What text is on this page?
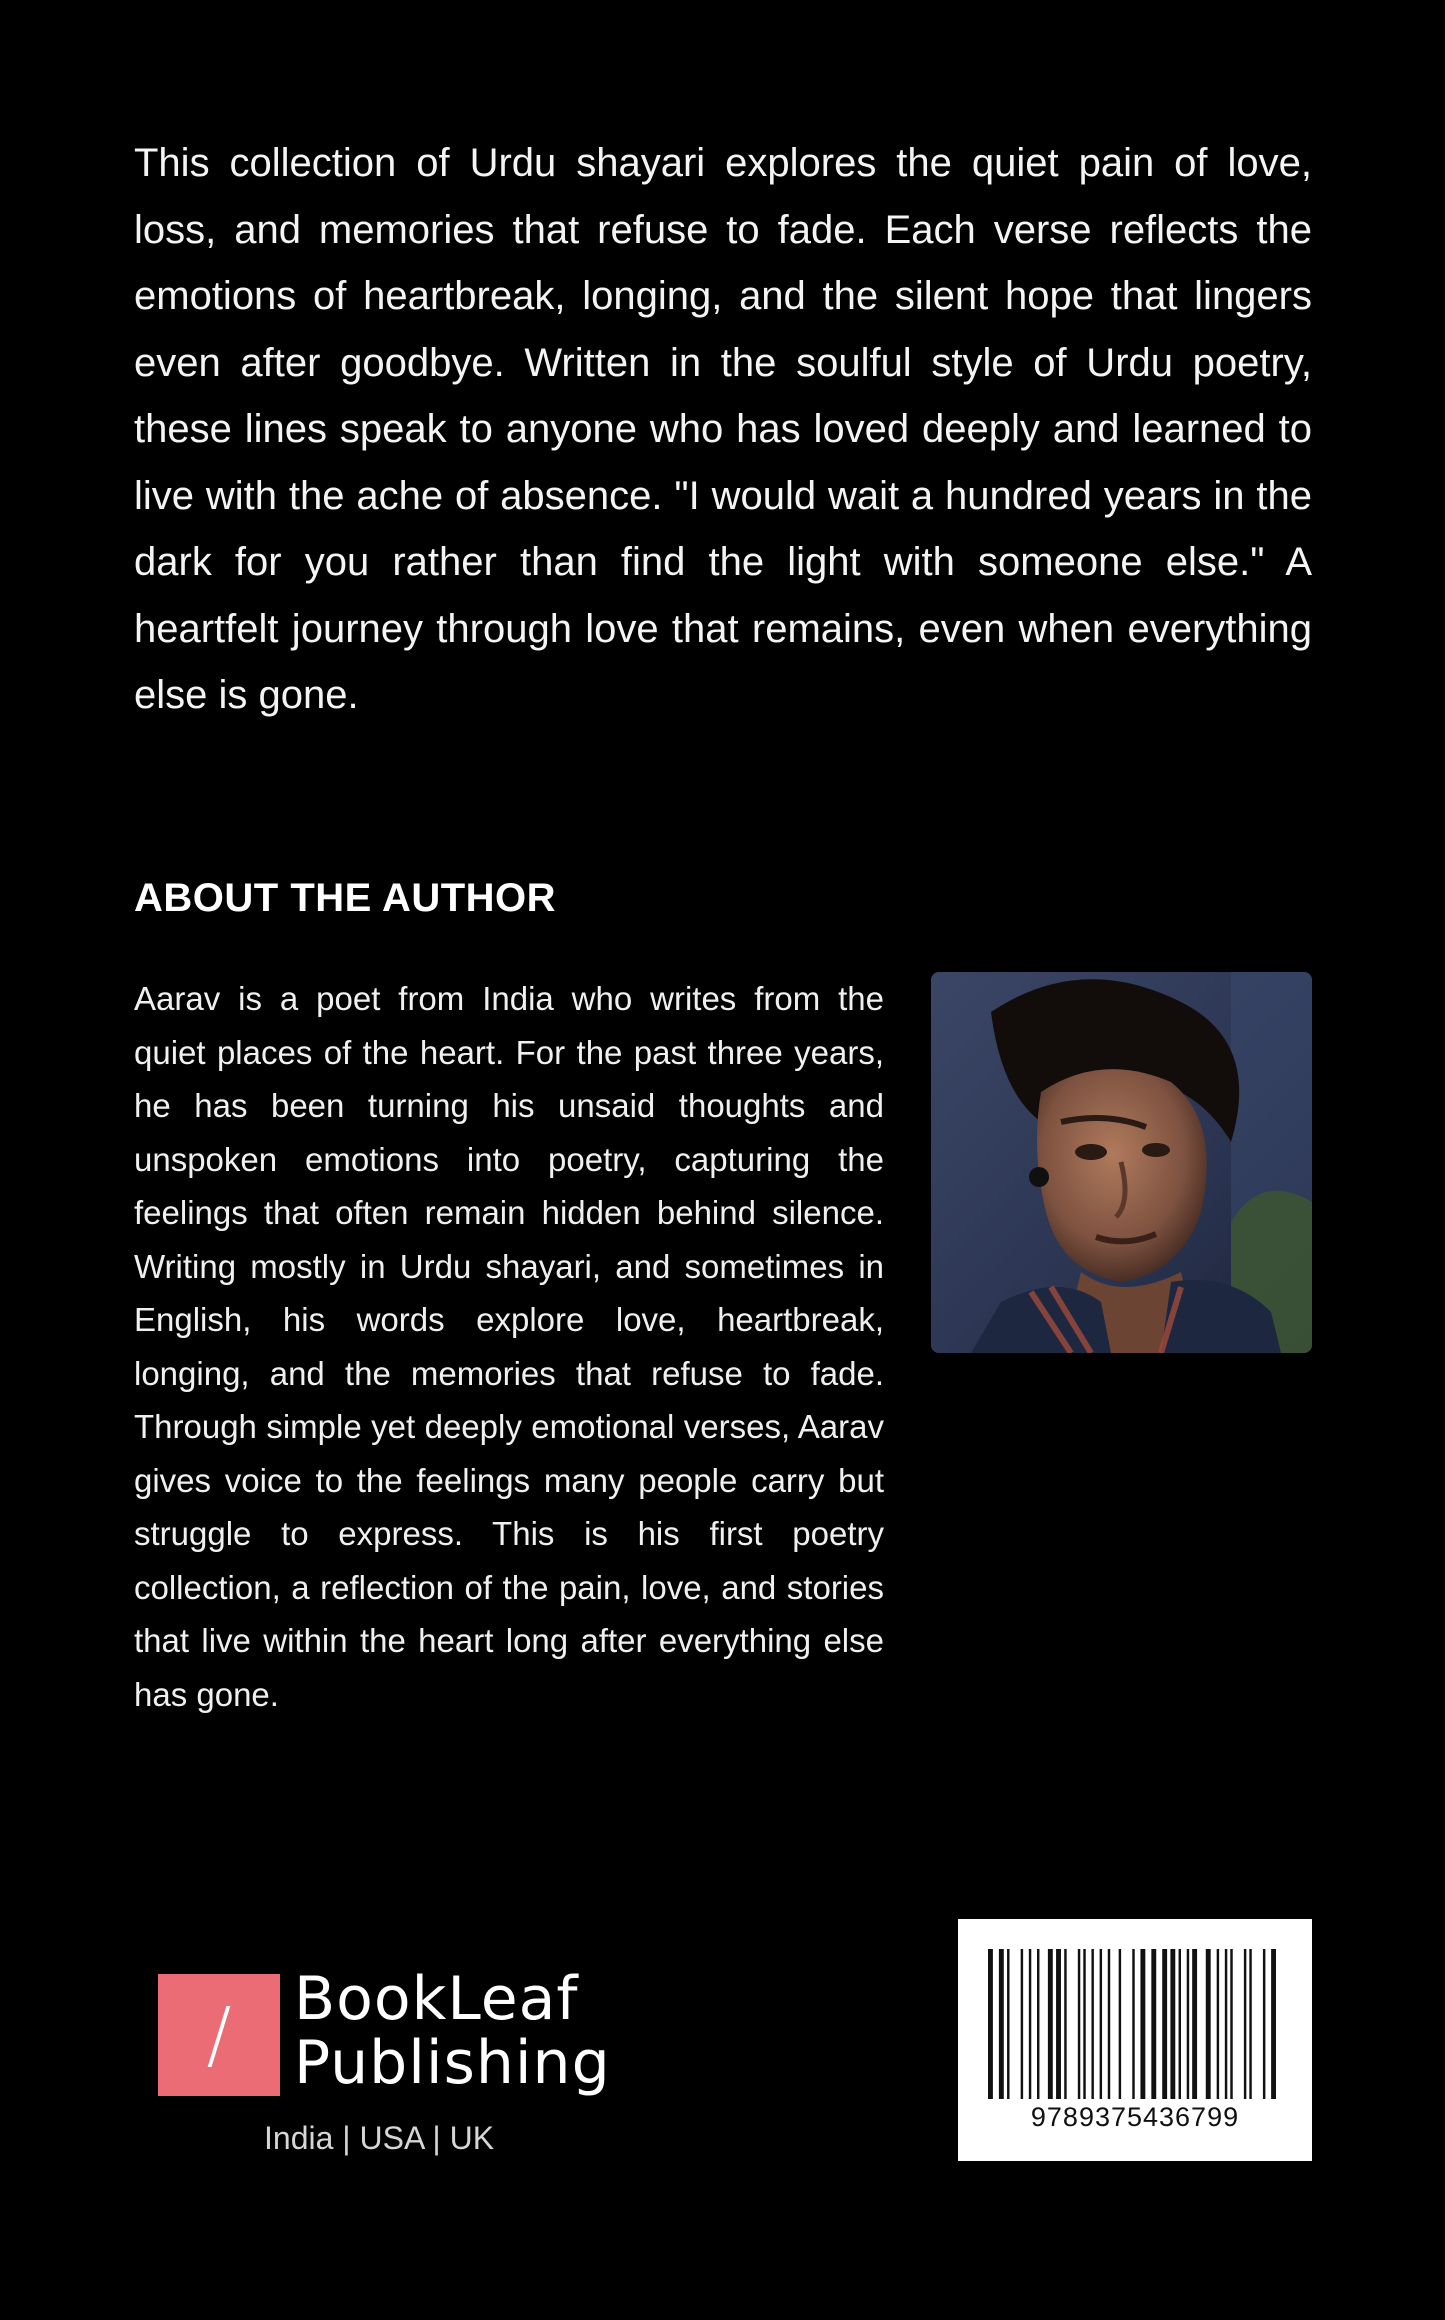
This collection of Urdu shayari explores the quiet pain of love, loss, and memories that refuse to fade. Each verse reflects the emotions of heartbreak, longing, and the silent hope that lingers even after goodbye. Written in the soulful style of Urdu poetry, these lines speak to anyone who has loved deeply and learned to live with the ache of absence. "I would wait a hundred years in the dark for you rather than find the light with someone else." A heartfelt journey through love that remains, even when everything else is gone.

ABOUT THE AUTHOR

Aarav is a poet from India who writes from the quiet places of the heart. For the past three years, he has been turning his unsaid thoughts and unspoken emotions into poetry, capturing the feelings that often remain hidden behind silence. Writing mostly in Urdu shayari, and sometimes in English, his words explore love, heartbreak, longing, and the memories that refuse to fade. Through simple yet deeply emotional verses, Aarav gives voice to the feelings many people carry but struggle to express. This is his first poetry collection, a reflection of the pain, love, and stories that live within the heart long after everything else has gone.

/	BookLeaf
Publishing
India | USA | UK
9789375436799
